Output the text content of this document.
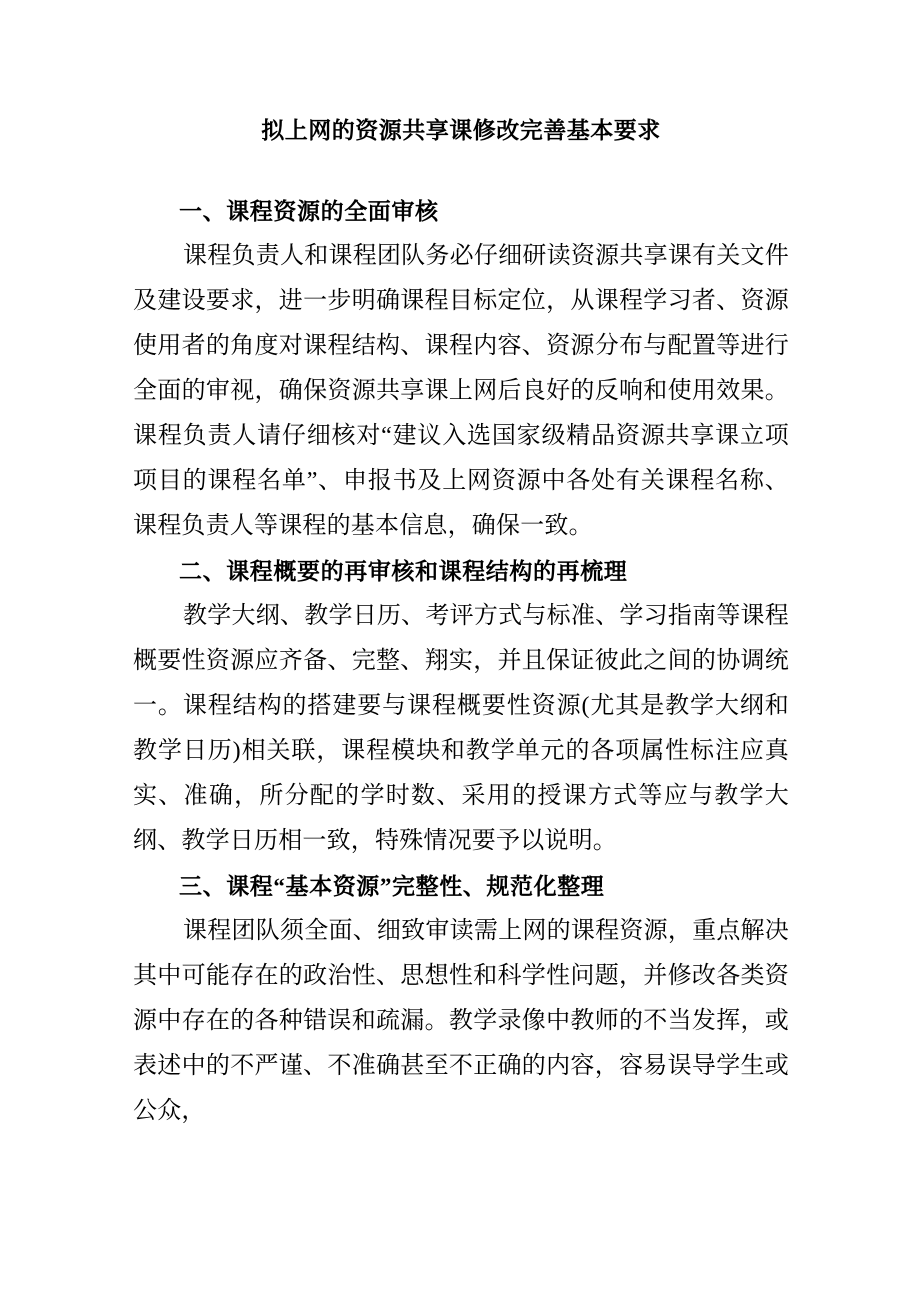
拟上网的资源共享课修改完善基本要求
一、课程资源的全面审核

课程负责人和课程团队务必仔细研读资源共享课有关文件及建设要求，进一步明确课程目标定位，从课程学习者、资源使用者的角度对课程结构、课程内容、资源分布与配置等进行全面的审视，确保资源共享课上网后良好的反响和使用效果。课程负责人请仔细核对“建议入选国家级精品资源共享课立项项目的课程名单”、申报书及上网资源中各处有关课程名称、课程负责人等课程的基本信息，确保一致。

二、课程概要的再审核和课程结构的再梳理

教学大纲、教学日历、考评方式与标准、学习指南等课程概要性资源应齐备、完整、翔实，并且保证彼此之间的协调统一。课程结构的搭建要与课程概要性资源(尤其是教学大纲和教学日历)相关联，课程模块和教学单元的各项属性标注应真实、准确，所分配的学时数、采用的授课方式等应与教学大纲、教学日历相一致，特殊情况要予以说明。

三、课程“基本资源”完整性、规范化整理

课程团队须全面、细致审读需上网的课程资源，重点解决其中可能存在的政治性、思想性和科学性问题，并修改各类资源中存在的各种错误和疏漏。教学录像中教师的不当发挥，或表述中的不严谨、不准确甚至不正确的内容，容易误导学生或公众，
